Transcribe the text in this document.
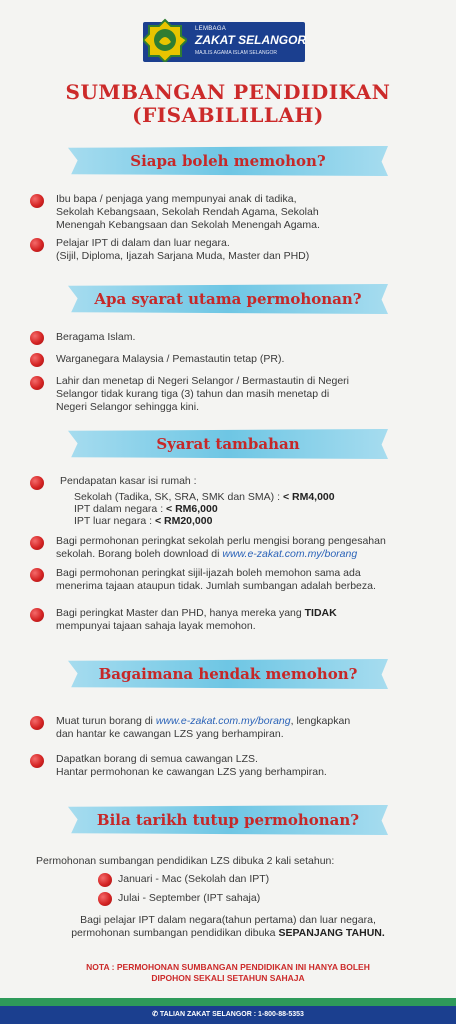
LEMBAGA
ZAKAT SELANGOR
MAJLIS AGAMA ISLAM SELANGOR
SUMBANGAN PENDIDIKAN
(FISABILILLAH)
Siapa boleh memohon?
Ibu bapa / penjaga yang mempunyai anak di tadika,
Sekolah Kebangsaan, Sekolah Rendah Agama, Sekolah
Menengah Kebangsaan dan Sekolah Menengah Agama.
Pelajar IPT di dalam dan luar negara.
(Sijil, Diploma, Ijazah Sarjana Muda, Master dan PHD)
Apa syarat utama permohonan?
Beragama Islam.
Warganegara Malaysia / Pemastautin tetap (PR).
Lahir dan menetap di Negeri Selangor / Bermastautin di Negeri
Selangor tidak kurang tiga (3) tahun dan masih menetap di
Negeri Selangor sehingga kini.
Syarat tambahan
Pendapatan kasar isi rumah :
Sekolah (Tadika, SK, SRA, SMK dan SMA) : < RM4,000
IPT dalam negara : < RM6,000
IPT luar negara : < RM20,000
Bagi permohonan peringkat sekolah perlu mengisi borang pengesahan
sekolah. Borang boleh download di www.e-zakat.com.my/borang
Bagi permohonan peringkat sijil-ijazah boleh memohon sama ada
menerima tajaan ataupun tidak. Jumlah sumbangan adalah berbeza.
Bagi peringkat Master dan PHD, hanya mereka yang TIDAK
mempunyai tajaan sahaja layak memohon.
Bagaimana hendak memohon?
Muat turun borang di www.e-zakat.com.my/borang, lengkapkan
dan hantar ke cawangan LZS yang berhampiran.
Dapatkan borang di semua cawangan LZS.
Hantar permohonan ke cawangan LZS yang berhampiran.
Bila tarikh tutup permohonan?
Permohonan sumbangan pendidikan LZS dibuka 2 kali setahun:
Januari - Mac (Sekolah dan IPT)
Julai - September (IPT sahaja)
Bagi pelajar IPT dalam negara(tahun pertama) dan luar negara,
permohonan sumbangan pendidikan dibuka SEPANJANG TAHUN.
NOTA : PERMOHONAN SUMBANGAN PENDIDIKAN INI HANYA BOLEH
DIPOHON SEKALI SETAHUN SAHAJA
✆ TALIAN ZAKAT SELANGOR : 1-800-88-5353
